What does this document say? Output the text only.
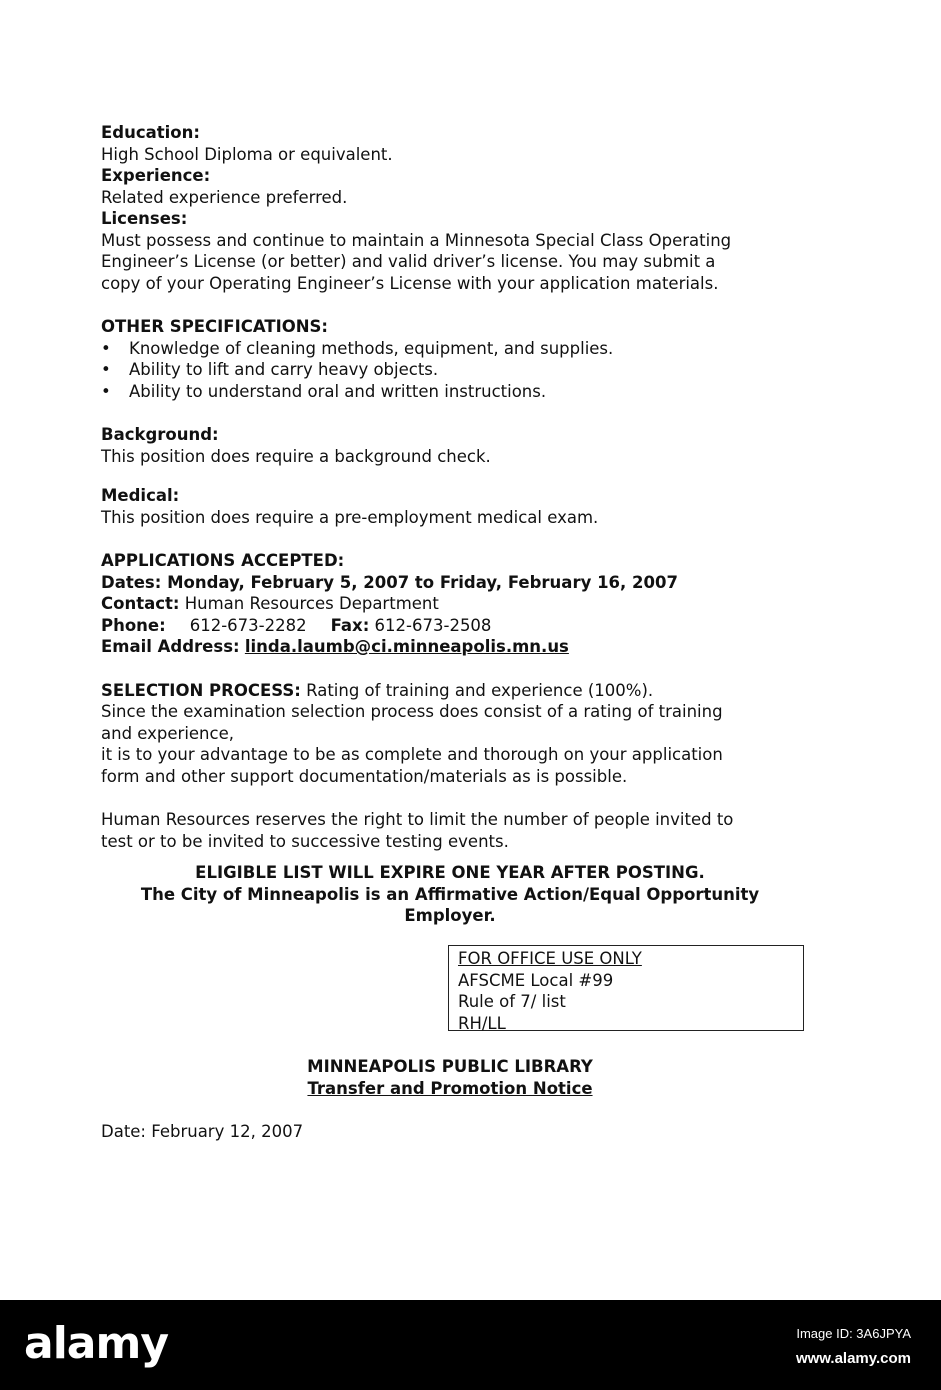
Education:
High School Diploma or equivalent.
Experience:
Related experience preferred.
Licenses:
Must possess and continue to maintain a Minnesota Special Class Operating
Engineer’s License (or better) and valid driver’s license. You may submit a
copy of your Operating Engineer’s License with your application materials.
OTHER SPECIFICATIONS:
• Knowledge of cleaning methods, equipment, and supplies.
• Ability to lift and carry heavy objects.
• Ability to understand oral and written instructions.
Background:
This position does require a background check.
Medical:
This position does require a pre-employment medical exam.
APPLICATIONS ACCEPTED:
Dates: Monday, February 5, 2007 to Friday, February 16, 2007
Contact: Human Resources Department
Phone: 612-673-2282 Fax: 612-673-2508
Email Address: linda.laumb@ci.minneapolis.mn.us
SELECTION PROCESS: Rating of training and experience (100%).
Since the examination selection process does consist of a rating of training
and experience,
it is to your advantage to be as complete and thorough on your application
form and other support documentation/materials as is possible.
Human Resources reserves the right to limit the number of people invited to
test or to be invited to successive testing events.
ELIGIBLE LIST WILL EXPIRE ONE YEAR AFTER POSTING.
The City of Minneapolis is an Affirmative Action/Equal Opportunity
Employer.
FOR OFFICE USE ONLY
AFSCME Local #99
Rule of 7/ list
RH/LL
MINNEAPOLIS PUBLIC LIBRARY
Transfer and Promotion Notice
Date: February 12, 2007
alamy	Image ID: 3A6JPYA
www.alamy.com
